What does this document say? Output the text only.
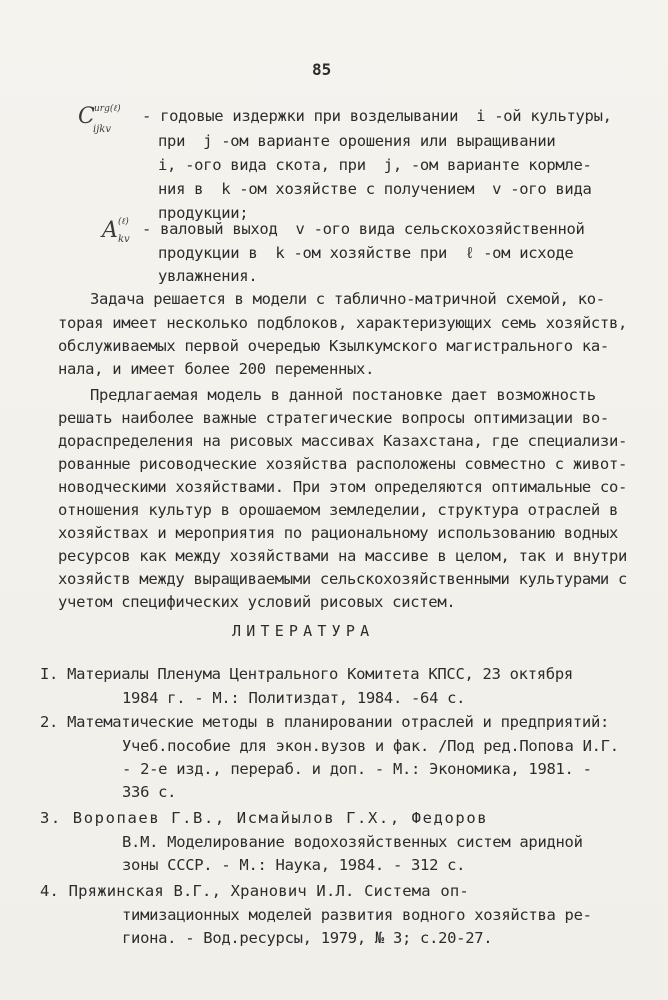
85
C urg(ℓ)
ijkv
- годовые издержки при возделывании  i -ой культуры,
при  j -ом варианте орошения или выращивании
i, -ого вида скота, при  j, -ом варианте кормле-
ния в  k -ом хозяйстве с получением  v -ого вида
продукции;
A (ℓ)
kv
- валовый выход  v -ого вида сельскохозяйственной
продукции в  k -ом хозяйстве при  ℓ -ом исходе
увлажнения.
Задача решается в модели с таблично-матричной схемой, ко-
торая имеет несколько подблоков, характеризующих семь хозяйств,
обслуживаемых первой очередью Кзылкумского магистрального ка-
нала, и имеет более 200 переменных.
Предлагаемая модель в данной постановке дает возможность
решать наиболее важные стратегические вопросы оптимизации во-
дораспределения на рисовых массивах Казахстана, где специализи-
рованные рисоводческие хозяйства расположены совместно с живот-
новодческими хозяйствами. При этом определяются оптимальные со-
отношения культур в орошаемом земледелии, структура отраслей в
хозяйствах и мероприятия по рациональному использованию водных
ресурсов как между хозяйствами на массиве в целом, так и внутри
хозяйств между выращиваемыми сельскохозяйственными культурами с
учетом специфических условий рисовых систем.
ЛИТЕРАТУРА
I. Материалы Пленума Центрального Комитета КПСС, 23 октября
1984 г. - М.: Политиздат, 1984. -64 с.
2. Математические методы в планировании отраслей и предприятий:
Учеб.пособие для экон.вузов и фак. /Под ред.Попова И.Г.
- 2-е изд., перераб. и доп. - М.: Экономика, 1981. -
336 с.
3. Воропаев Г.В., Исмайылов Г.Х., Федоров
В.М. Моделирование водохозяйственных систем аридной
зоны СССР. - М.: Наука, 1984. - 312 с.
4. Пряжинская В.Г., Хранович И.Л. Система оп-
тимизационных моделей развития водного хозяйства ре-
гиона. - Вод.ресурсы, 1979, № 3; с.20-27.
